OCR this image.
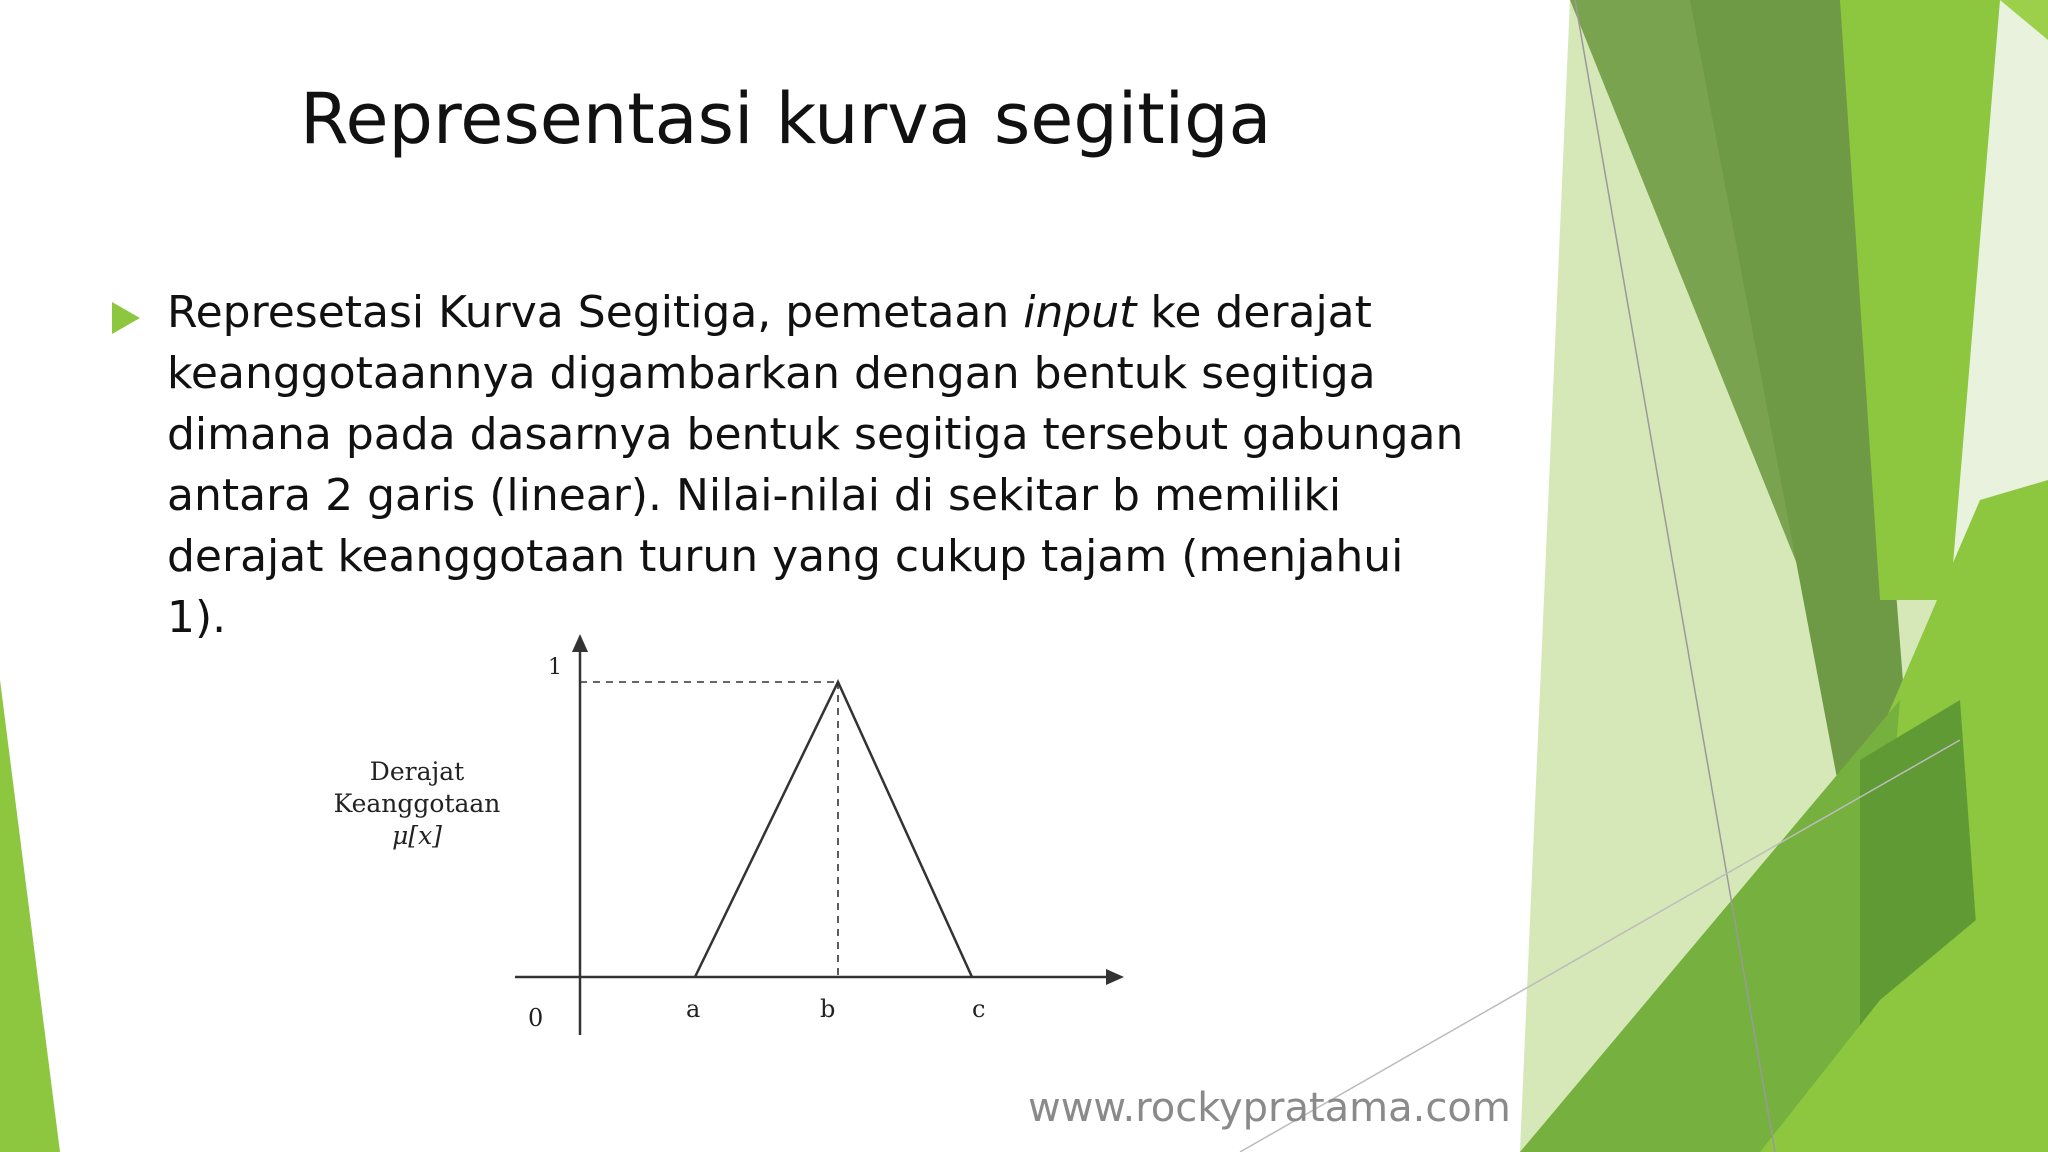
Representasi kurva segitiga
Represetasi Kurva Segitiga, pemetaan input ke derajat
keanggotaannya digambarkan dengan bentuk segitiga
dimana pada dasarnya bentuk segitiga tersebut gabungan
antara 2 garis (linear). Nilai-nilai di sekitar b memiliki
derajat keanggotaan turun yang cukup tajam (menjahui
1).
1
Derajat
Keanggotaan
μ[x]
0	a	b	c
www.rockypratama.com
